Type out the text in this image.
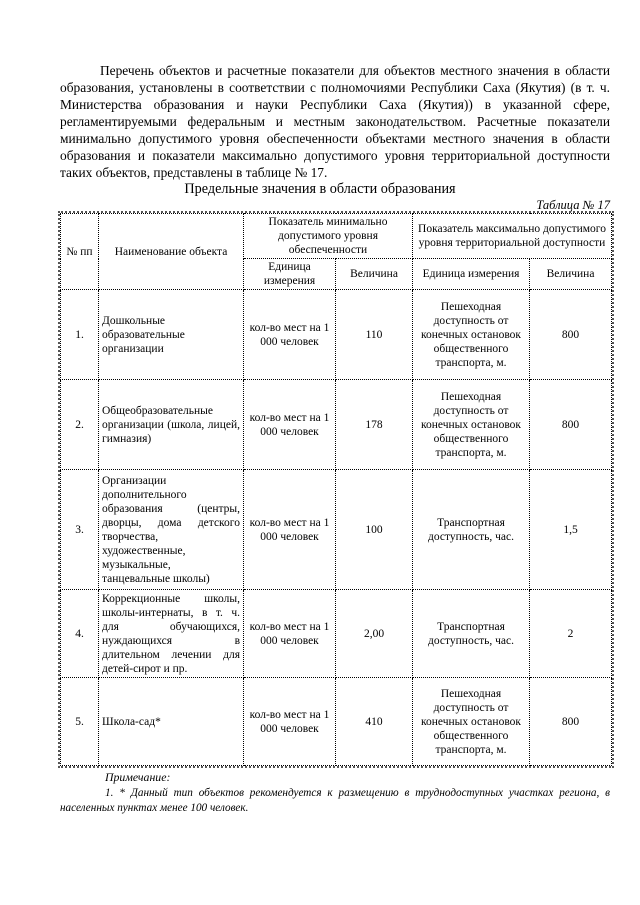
Перечень объектов и расчетные показатели для объектов местного значения в области образования, установлены в соответствии с полномочиями Республики Саха (Якутия) (в т. ч. Министерства образования и науки Республики Саха (Якутия)) в указанной сфере, регламентируемыми федеральным и местным законодательством. Расчетные показатели минимально допустимого уровня обеспеченности объектами местного значения в области образования и показатели максимально допустимого уровня территориальной доступности таких объектов, представлены в таблице № 17.

Предельные значения в области образования
Таблица № 17
№ пп	Наименование объекта	Показатель минимально допустимого уровня обеспеченности		Показатель максимально допустимого уровня территориальной доступности	
		Единица измерения	Величина	Единица измерения	Величина
1.	Дошкольные образовательные организации	кол-во мест на 1 000 человек	110	Пешеходная доступность от конечных остановок общественного транспорта, м.	800
2.	Общеобразовательные организации (школа, лицей, гимназия)	кол-во мест на 1 000 человек	178	Пешеходная доступность от конечных остановок общественного транспорта, м.	800
3.	Организации дополнительного образования (центры, дворцы, дома детского творчества, художественные, музыкальные, танцевальные школы)	кол-во мест на 1 000 человек	100	Транспортная доступность, час.	1,5
4.	Коррекционные школы, школы-интернаты, в т. ч. для обучающихся, нуждающихся в длительном лечении для детей-сирот и пр.	кол-во мест на 1 000 человек	2,00	Транспортная доступность, час.	2
5.	Школа-сад*	кол-во мест на 1 000 человек	410	Пешеходная доступность от конечных остановок общественного транспорта, м.	800
Примечание:
1. * Данный тип объектов рекомендуется к размещению в труднодоступных участках региона, в населенных пунктах менее 100 человек.
